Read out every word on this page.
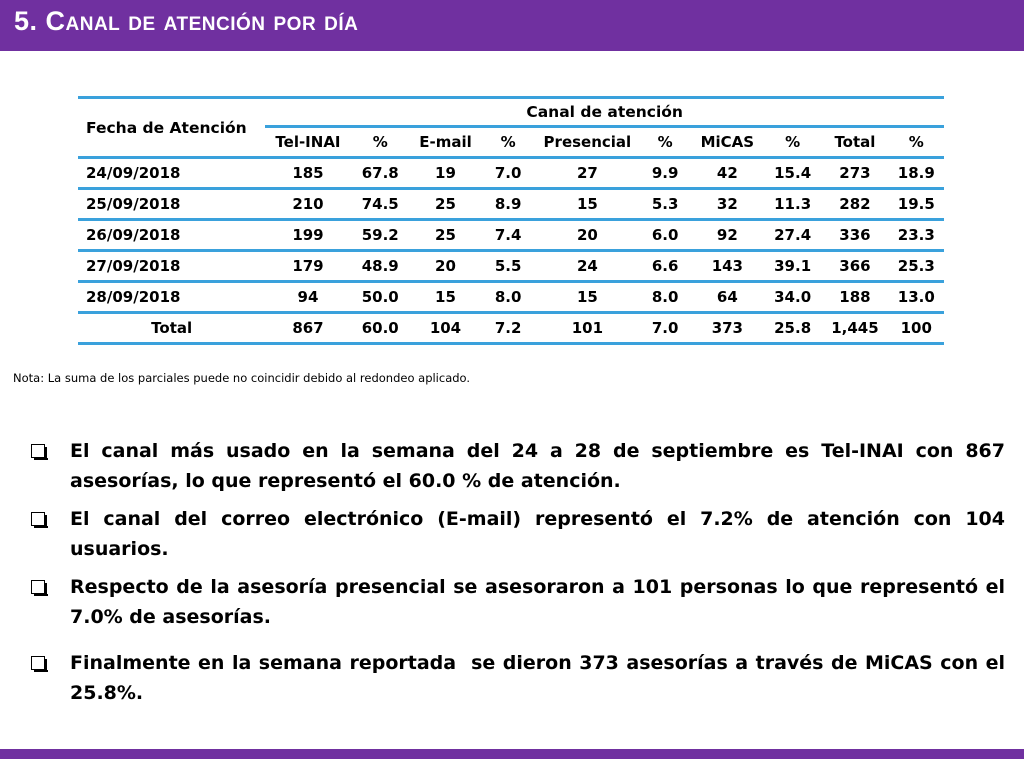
5. Canal de atención por día
Fecha de Atención	Canal de atención									
	Tel-INAI	%	E-mail	%	Presencial	%	MiCAS	%	Total	%
24/09/2018	185	67.8	19	7.0	27	9.9	42	15.4	273	18.9
25/09/2018	210	74.5	25	8.9	15	5.3	32	11.3	282	19.5
26/09/2018	199	59.2	25	7.4	20	6.0	92	27.4	336	23.3
27/09/2018	179	48.9	20	5.5	24	6.6	143	39.1	366	25.3
28/09/2018	94	50.0	15	8.0	15	8.0	64	34.0	188	13.0
Total	867	60.0	104	7.2	101	7.0	373	25.8	1,445	100
Nota: La suma de los parciales puede no coincidir debido al redondeo aplicado.
El canal más usado en la semana del 24 a 28 de septiembre es Tel-INAI con 867 asesorías, lo que representó el 60.0 % de atención.
El canal del correo electrónico (E-mail) representó el 7.2% de atención con 104 usuarios.
Respecto de la asesoría presencial se asesoraron a 101 personas lo que representó el 7.0% de asesorías.
Finalmente en la semana reportada  se dieron 373 asesorías a través de MiCAS con el 25.8%.
